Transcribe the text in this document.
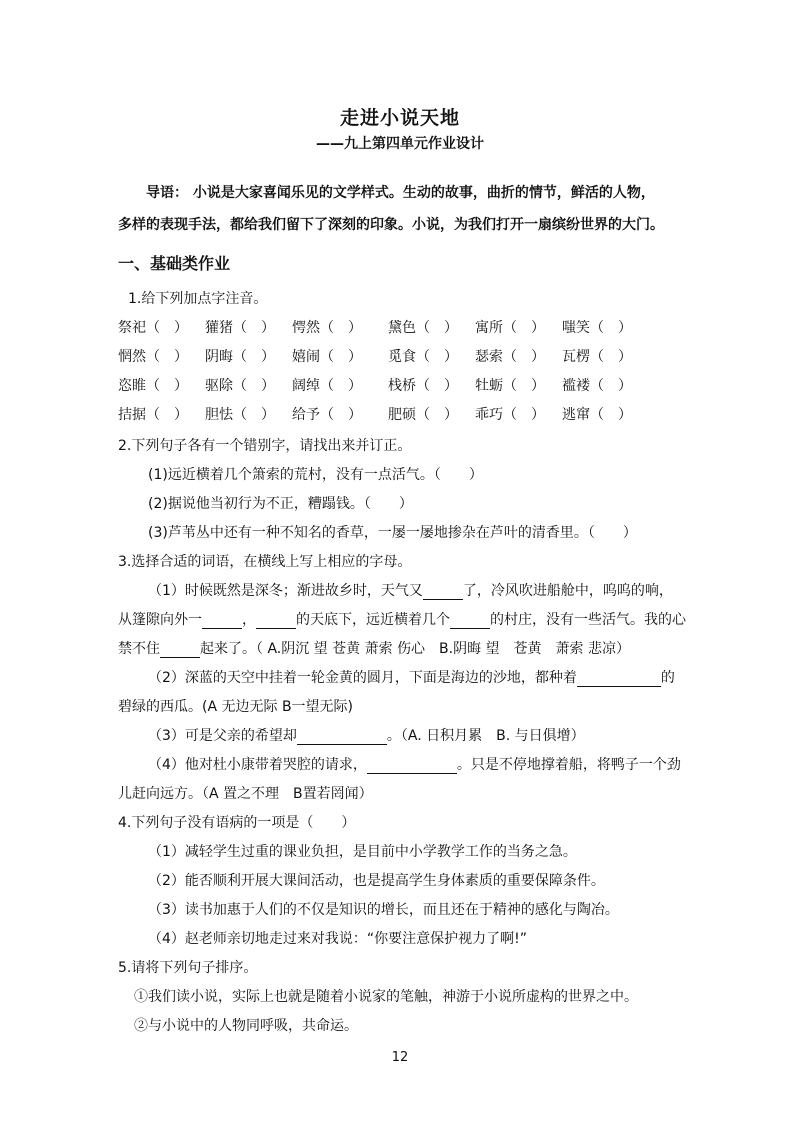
走进小说天地
——九上第四单元作业设计
导语： 小说是大家喜闻乐见的文学样式。生动的故事，曲折的情节，鲜活的人物，
多样的表现手法，都给我们留下了深刻的印象。小说，为我们打开一扇缤纷世界的大门。
一、基础类作业
1.给下列加点字注音。
祭祀（　） 獾猪（　） 愕然（　） 黛色（　） 寓所（　） 嗤笑（　）
惘然（　） 阴晦（　） 嬉闹（　） 觅食（　） 瑟索（　） 瓦楞（　）
恣睢（　） 驱除（　） 阔绰（　） 栈桥（　） 牡蛎（　） 褴褛（　）
拮据（　） 胆怯（　） 给予（　） 肥硕（　） 乖巧（　） 逃窜（　）
2.下列句子各有一个错别字，请找出来并订正。
(1)远近横着几个箫索的荒村，没有一点活气。（　　）
(2)据说他当初行为不正，糟蹋钱。（　　）
(3)芦苇丛中还有一种不知名的香草，一屡一屡地掺杂在芦叶的清香里。（　　）
3.选择合适的词语，在横线上写上相应的字母。
（1）时候既然是深冬；渐进故乡时，天气又	了，冷风吹进船舱中，呜呜的响，
从篷隙向外一	，	的天底下，远近横着几个	的村庄，没有一些活气。我的心
禁不住	起来了。（ A.阴沉 望 苍黄 萧索 伤心　B.阴晦 望　苍黄　萧索 悲凉）
（2）深蓝的天空中挂着一轮金黄的圆月，下面是海边的沙地，都种着	的
碧绿的西瓜。(A 无边无际 B一望无际)
（3）可是父亲的希望却	。（A. 日积月累　B. 与日俱增）
（4）他对杜小康带着哭腔的请求，	。只是不停地撑着船，将鸭子一个劲
儿赶向远方。（A 置之不理　B置若罔闻）
4.下列句子没有语病的一项是（　　）
（1）减轻学生过重的课业负担，是目前中小学教学工作的当务之急。
（2）能否顺利开展大课间活动，也是提高学生身体素质的重要保障条件。
（3）读书加惠于人们的不仅是知识的增长，而且还在于精神的感化与陶冶。
（4）赵老师亲切地走过来对我说：“你要注意保护视力了啊!”
5.请将下列句子排序。
①我们读小说，实际上也就是随着小说家的笔触，神游于小说所虚构的世界之中。
②与小说中的人物同呼吸，共命运。
12
